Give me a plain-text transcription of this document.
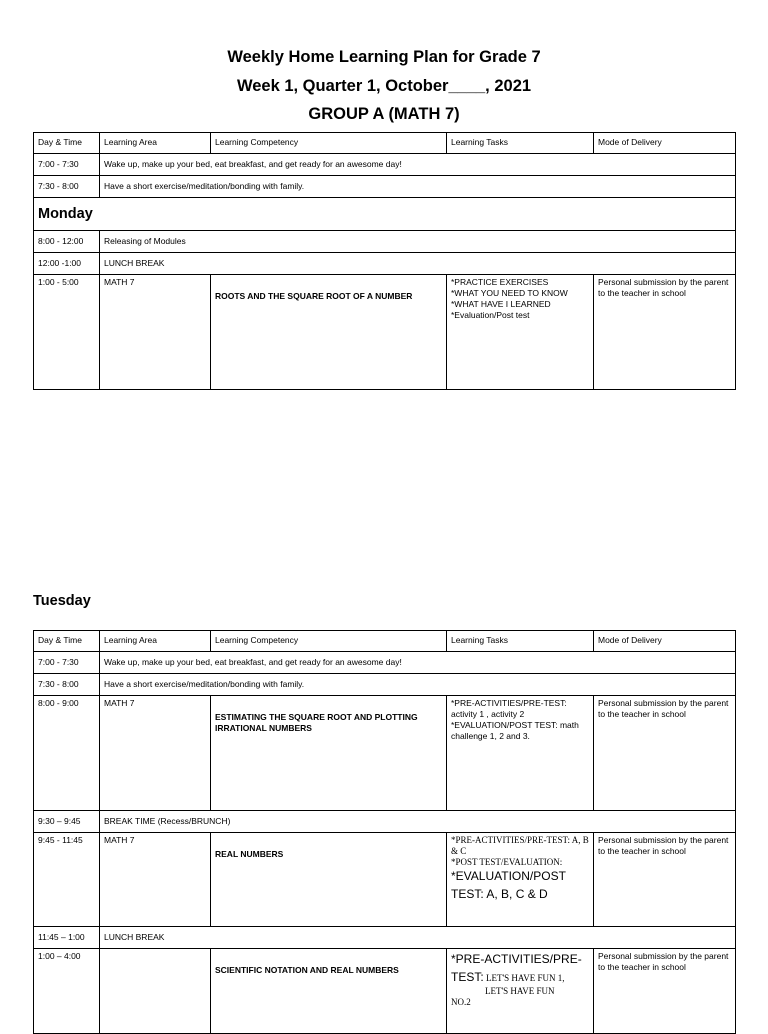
Weekly Home Learning Plan for Grade 7
Week 1, Quarter 1, October____, 2021
GROUP A (MATH 7)
Day & Time	Learning Area	Learning Competency	Learning Tasks	Mode of Delivery
7:00 - 7:30	Wake up, make up your bed, eat breakfast, and get ready for an awesome day!			
7:30 - 8:00	Have a short exercise/meditation/bonding with family.			
Monday				
8:00 - 12:00	Releasing of Modules			
12:00 -1:00	LUNCH BREAK			
1:00 - 5:00	MATH 7	ROOTS AND THE SQUARE ROOT OF A NUMBER	*PRACTICE EXERCISES
*WHAT YOU NEED TO KNOW
*WHAT HAVE I LEARNED
*Evaluation/Post test	Personal submission by the parent to the teacher in school
Tuesday
Day & Time	Learning Area	Learning Competency	Learning Tasks	Mode of Delivery
7:00 - 7:30	Wake up, make up your bed, eat breakfast, and get ready for an awesome day!			
7:30 - 8:00	Have a short exercise/meditation/bonding with family.			
8:00 - 9:00	MATH 7	ESTIMATING THE SQUARE ROOT AND PLOTTING IRRATIONAL NUMBERS	*PRE-ACTIVITIES/PRE-TEST: activity 1 , activity 2
*EVALUATION/POST TEST: math challenge 1, 2 and 3.	Personal submission by the parent to the teacher in school
9:30 – 9:45	BREAK TIME (Recess/BRUNCH)			
9:45 - 11:45	MATH 7	REAL NUMBERS	*PRE-ACTIVITIES/PRE-TEST: A, B & C
*POST TEST/EVALUATION:
*EVALUATION/POST TEST: A, B, C & D	Personal submission by the parent to the teacher in school
11:45 – 1:00	LUNCH BREAK			
1:00 – 4:00		SCIENTIFIC NOTATION AND REAL NUMBERS	*PRE-ACTIVITIES/PRE-TEST: LET'S HAVE FUN 1,
LET'S HAVE FUN
NO.2	Personal submission by the parent to the teacher in school
